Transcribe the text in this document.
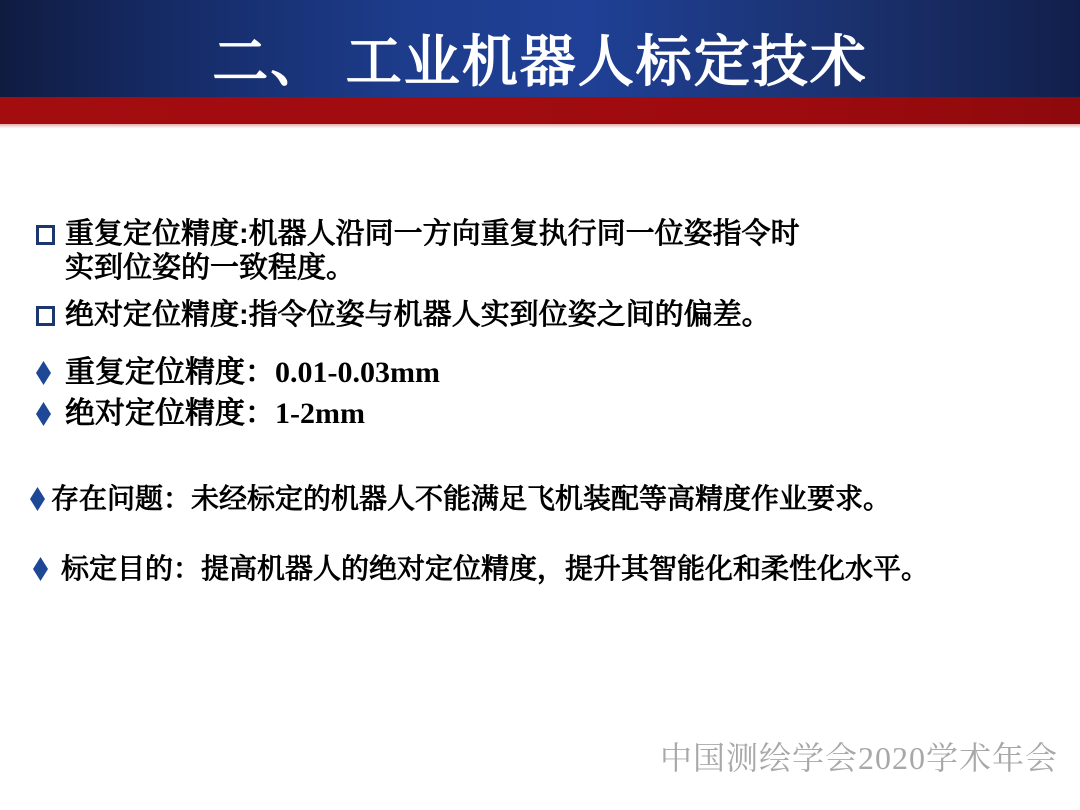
二、 工业机器人标定技术
重复定位精度:机器人沿同一方向重复执行同一位姿指令时
实到位姿的一致程度。
绝对定位精度:指令位姿与机器人实到位姿之间的偏差。
重复定位精度：0.01-0.03mm
绝对定位精度：1-2mm
存在问题：未经标定的机器人不能满足飞机装配等高精度作业要求。
标定目的：提高机器人的绝对定位精度，提升其智能化和柔性化水平。
中国测绘学会2020学术年会
